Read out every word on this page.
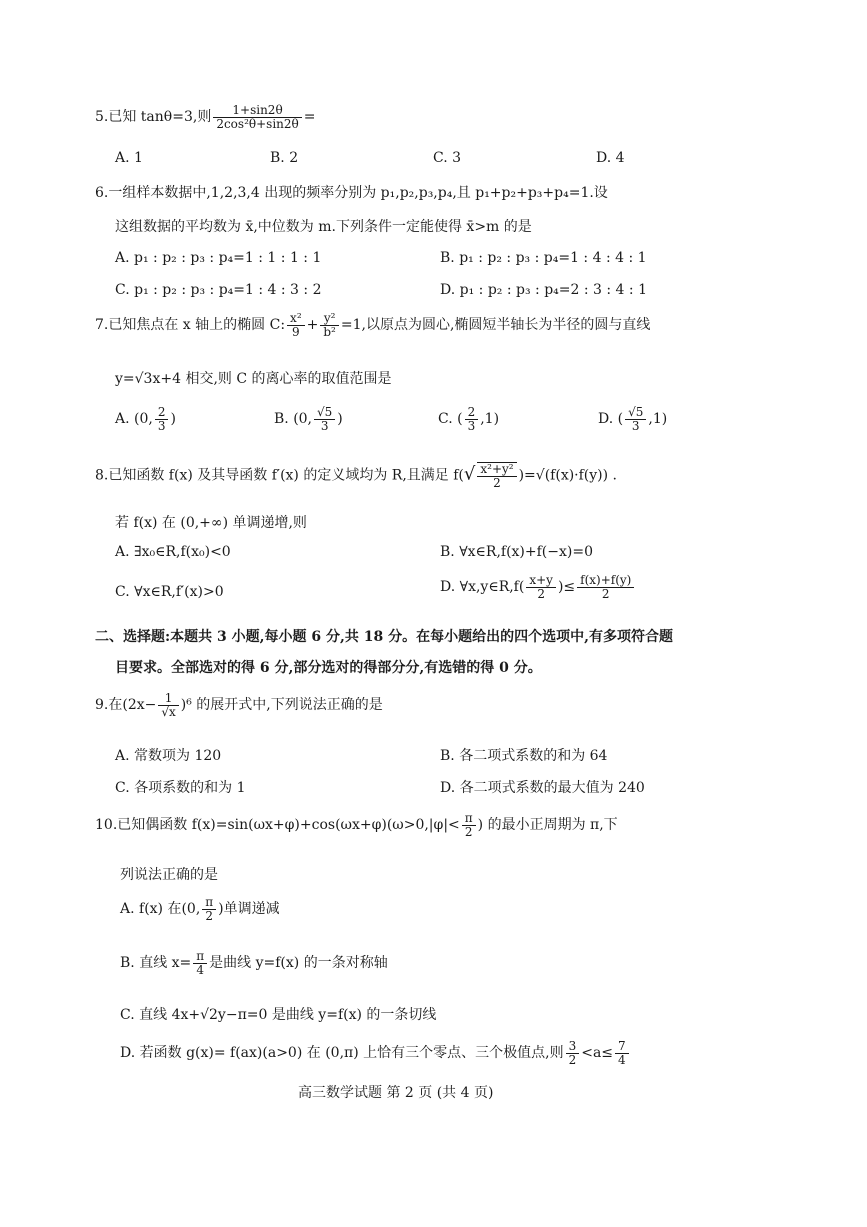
5.已知 tanθ=3,则 $\frac{1+\sin 2\theta}{\text{2cos²θ+sin2θ}}$ =
A. 1	B. 2	C. 3	D. 4
6.一组样本数据中,1,2,3,4 出现的频率分别为 p₁,p₂,p₃,p₄,且 p₁+p₂+p₃+p₄=1.设
这组数据的平均数为 x̄,中位数为 m.下列条件一定能使得 x̄>m 的是
A. p₁ : p₂ : p₃ : p₄=1 : 1 : 1 : 1	B. p₁ : p₂ : p₃ : p₄=1 : 4 : 4 : 1
C. p₁ : p₂ : p₃ : p₄=1 : 4 : 3 : 2	D. p₁ : p₂ : p₃ : p₄=2 : 3 : 4 : 1
7.已知焦点在 x 轴上的椭圆 C: $\frac{\text{x²}}{9} + \frac{\text{y²}}{\text{b²}} =1$,以原点为圆心,椭圆短半轴长为半径的圆与直线
y=√3x+4 相交,则 C 的离心率的取值范围是
A. (0, $\frac{2}{3}$ )	B. (0, $\frac{√5}{3}$ )	C. ( $\frac{2}{3} ,1$)	D. ( $\frac{√5}{3} ,1$)
8.已知函数 f(x) 及其导函数 f′(x) 的定义域均为 R,且满足 $f(√ \frac{\text{x²+y²}}{2} )=√(f(x)\cdot f(y))$ .
若 f(x) 在 (0,+∞) 单调递增,则
A. ∃x₀∈R,f(x₀)<0	B. ∀x∈R,f(x)+f(−x)=0
C. ∀x∈R,f′(x)>0	D. ∀x,y∈R,f( $\frac{x+y}{2}$ )≤ $\frac{f(x)+f(y)}{2}$
二、选择题:本题共 3 小题,每小题 6 分,共 18 分。在每小题给出的四个选项中,有多项符合题
目要求。全部选对的得 6 分,部分选对的得部分分,有选错的得 0 分。
9.在$(2x- \frac{1}{√x} )^6$ 的展开式中,下列说法正确的是
A. 常数项为 120	B. 各二项式系数的和为 64
C. 各项系数的和为 1	D. 各二项式系数的最大值为 240
10.已知偶函数 $f(x)=\sin(\omega x+\varphi)+\cos(\omega x+\varphi)(\omega>0,|\varphi|< \frac{\pi}{2}$ ) 的最小正周期为 π,下
列说法正确的是
A. f(x) 在(0, $\frac{\pi}{2}$ )单调递减
B. 直线 $x= \frac{\pi}{4}$ 是曲线 y=f(x) 的一条对称轴
C. 直线 4x+√2y−π=0 是曲线 y=f(x) 的一条切线
D. 若函数 g(x)= f(ax)(a>0) 在 (0,π) 上恰有三个零点、三个极值点,则 $\frac{3}{2} <a\le \frac{7}{4}$
高三数学试题 第 2 页 (共 4 页)
